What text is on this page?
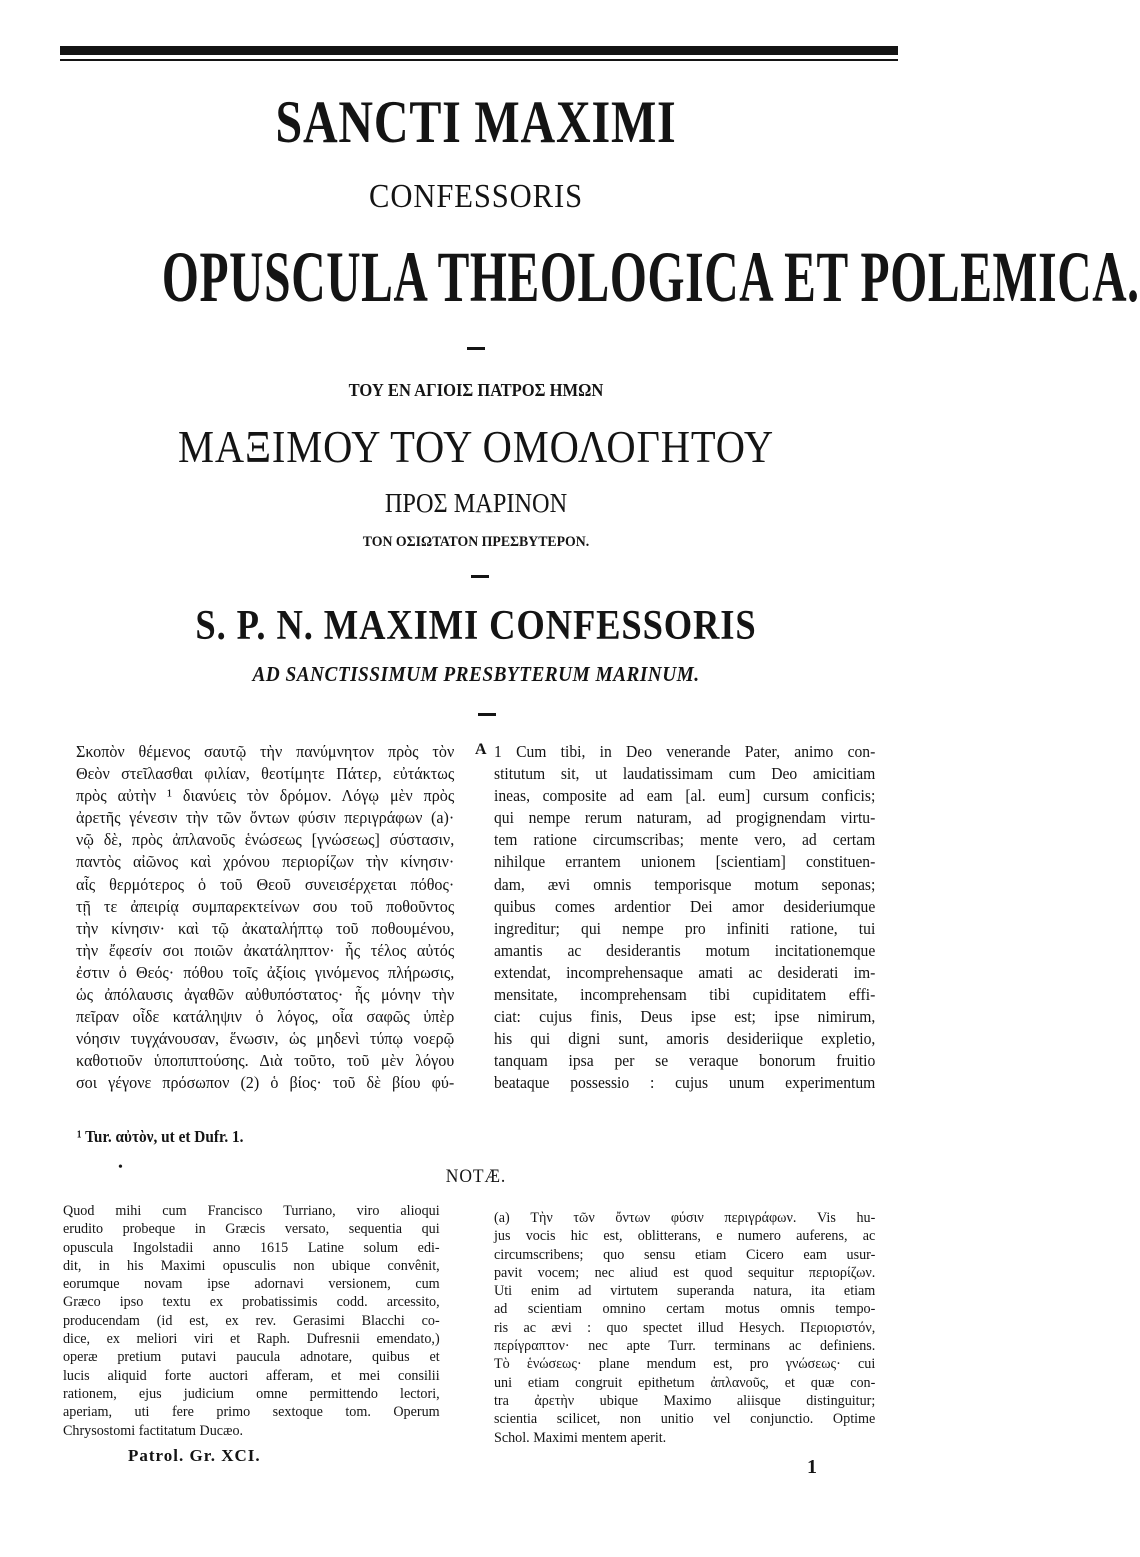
SANCTI MAXIMI
CONFESSORIS
OPUSCULA THEOLOGICA ET POLEMICA.
ΤΟΥ ΕΝ ΑΓΙΟΙΣ ΠΑΤΡΟΣ ΗΜΩΝ
ΜΑΞΙΜΟΥ ΤΟΥ ΟΜΟΛΟΓΗΤΟΥ
ΠΡΟΣ ΜΑΡΙΝΟΝ
ΤΟΝ ΟΣΙΩΤΑΤΟΝ ΠΡΕΣΒΥΤΕΡΟΝ.
S. P. N. MAXIMI CONFESSORIS
AD SANCTISSIMUM PRESBYTERUM MARINUM.
Σκοπὸν θέμενος σαυτῷ τὴν πανύμνητον πρὸς τὸν
Θεὸν στεῖλασθαι φιλίαν, θεοτίμητε Πάτερ, εὐτάκτως
πρὸς αὐτὴν ¹ διανύεις τὸν δρόμον. Λόγῳ μὲν πρὸς
ἀρετῆς γένεσιν τὴν τῶν ὄντων φύσιν περιγράφων (a)·
νῷ δὲ, πρὸς ἀπλανοῦς ἑνώσεως [γνώσεως] σύστασιν,
παντὸς αἰῶνος καὶ χρόνου περιορίζων τὴν κίνησιν·
αἷς θερμότερος ὁ τοῦ Θεοῦ συνεισέρχεται πόθος·
τῇ τε ἀπειρίᾳ συμπαρεκτείνων σου τοῦ ποθοῦντος
τὴν κίνησιν· καὶ τῷ ἀκαταλήπτῳ τοῦ ποθουμένου,
τὴν ἔφεσίν σοι ποιῶν ἀκατάληπτον· ἧς τέλος αὐτός
ἐστιν ὁ Θεός· πόθου τοῖς ἀξίοις γινόμενος πλήρωσις,
ὡς ἀπόλαυσις ἀγαθῶν αὐθυπόστατος· ἧς μόνην τὴν
πεῖραν οἶδε κατάληψιν ὁ λόγος, οἷα σαφῶς ὑπὲρ
νόησιν τυγχάνουσαν, ἕνωσιν, ὡς μηδενὶ τύπῳ νοερῷ
καθοτιοῦν ὑποπιπτούσης. Διὰ τοῦτο, τοῦ μὲν λόγου
σοι γέγονε πρόσωπον (2) ὁ βίος· τοῦ δὲ βίου φύ-
A 1 Cum tibi, in Deo venerande Pater, animo con-
stitutum sit, ut laudatissimam cum Deo amicitiam
ineas, composite ad eam [al. eum] cursum conficis;
qui nempe rerum naturam, ad progignendam virtu-
tem ratione circumscribas; mente vero, ad certam
nihilque errantem unionem [scientiam] constituen-
dam, ævi omnis temporisque motum seponas;
quibus comes ardentior Dei amor desideriumque
ingreditur; qui nempe pro infiniti ratione, tui
amantis ac desiderantis motum incitationemque
extendat, incomprehensaque amati ac desiderati im-
mensitate, incomprehensam tibi cupiditatem effi-
ciat: cujus finis, Deus ipse est; ipse nimirum,
his qui digni sunt, amoris desideriique expletio,
tanquam ipsa per se veraque bonorum fruitio
beataque possessio : cujus unum experimentum
¹ Tur. αὐτὸν, ut et Dufr. 1.
•	NOTÆ.
Quod mihi cum Francisco Turriano, viro alioqui
erudito probeque in Græcis versato, sequentia qui
opuscula Ingolstadii anno 1615 Latine solum edi-
dit, in his Maximi opusculis non ubique convênit,
eorumque novam ipse adornavi versionem, cum
Græco ipso textu ex probatissimis codd. arcessito,
producendam (id est, ex rev. Gerasimi Blacchi co-
dice, ex meliori viri et Raph. Dufresnii emendato,)
operæ pretium putavi paucula adnotare, quibus et
lucis aliquid forte auctori afferam, et mei consilii
rationem, ejus judicium omne permittendo lectori,
aperiam, uti fere primo sextoque tom. Operum
Chrysostomi factitatum Ducæo.
(a) Τὴν τῶν ὄντων φύσιν περιγράφων. Vis hu-
jus vocis hic est, oblitterans, e numero auferens, ac
circumscribens; quo sensu etiam Cicero eam usur-
pavit vocem; nec aliud est quod sequitur περιορίζων.
Uti enim ad virtutem superanda natura, ita etiam
ad scientiam omnino certam motus omnis tempo-
ris ac ævi : quo spectet illud Hesych. Περιοριστόν,
περίγραπτον· nec apte Turr. terminans ac definiens.
Τὸ ἑνώσεως· plane mendum est, pro γνώσεως· cui
uni etiam congruit epithetum ἀπλανοῦς, et quæ con-
tra ἀρετὴν ubique Maximo aliisque distinguitur;
scientia scilicet, non unitio vel conjunctio. Optime
Schol. Maximi mentem aperit.
Patrol. Gr. XCI.
1
